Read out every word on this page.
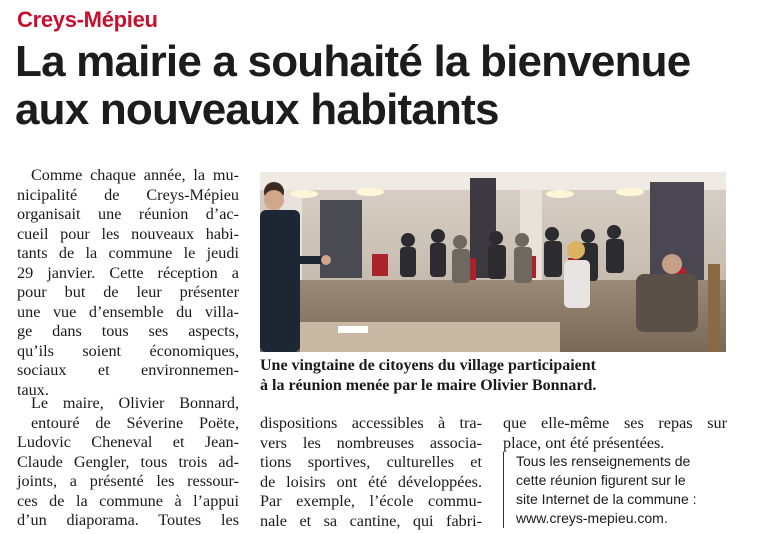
Creys-Mépieu
La mairie a souhaité la bienvenue
aux nouveaux habitants

Comme chaque année, la mu-

nicipalité de Creys-Mépieu

organisait une réunion d’ac-

cueil pour les nouveaux habi-

tants de la commune le jeudi

29 janvier. Cette réception a

pour but de leur présenter

une vue d’ensemble du villa-

ge dans tous ses aspects,

qu’ils soient économiques,

sociaux et environnemen-

taux.

Le maire, Olivier Bonnard,

entouré de Séverine Poëte,

Ludovic Cheneval et Jean-

Claude Gengler, tous trois ad-

joints, a présenté les ressour-

ces de la commune à l’appui

d’un diaporama. Toutes les

Une vingtaine de citoyens du village participaient
à la réunion menée par le maire Olivier Bonnard.

dispositions accessibles à tra-

vers les nombreuses associa-

tions sportives, culturelles et

de loisirs ont été développées.

Par exemple, l’école commu-

nale et sa cantine, qui fabri-

que elle-même ses repas sur

place, ont été présentées.

Tous les renseignements de
cette réunion figurent sur le
site Internet de la commune :
www.creys-mepieu.com.
